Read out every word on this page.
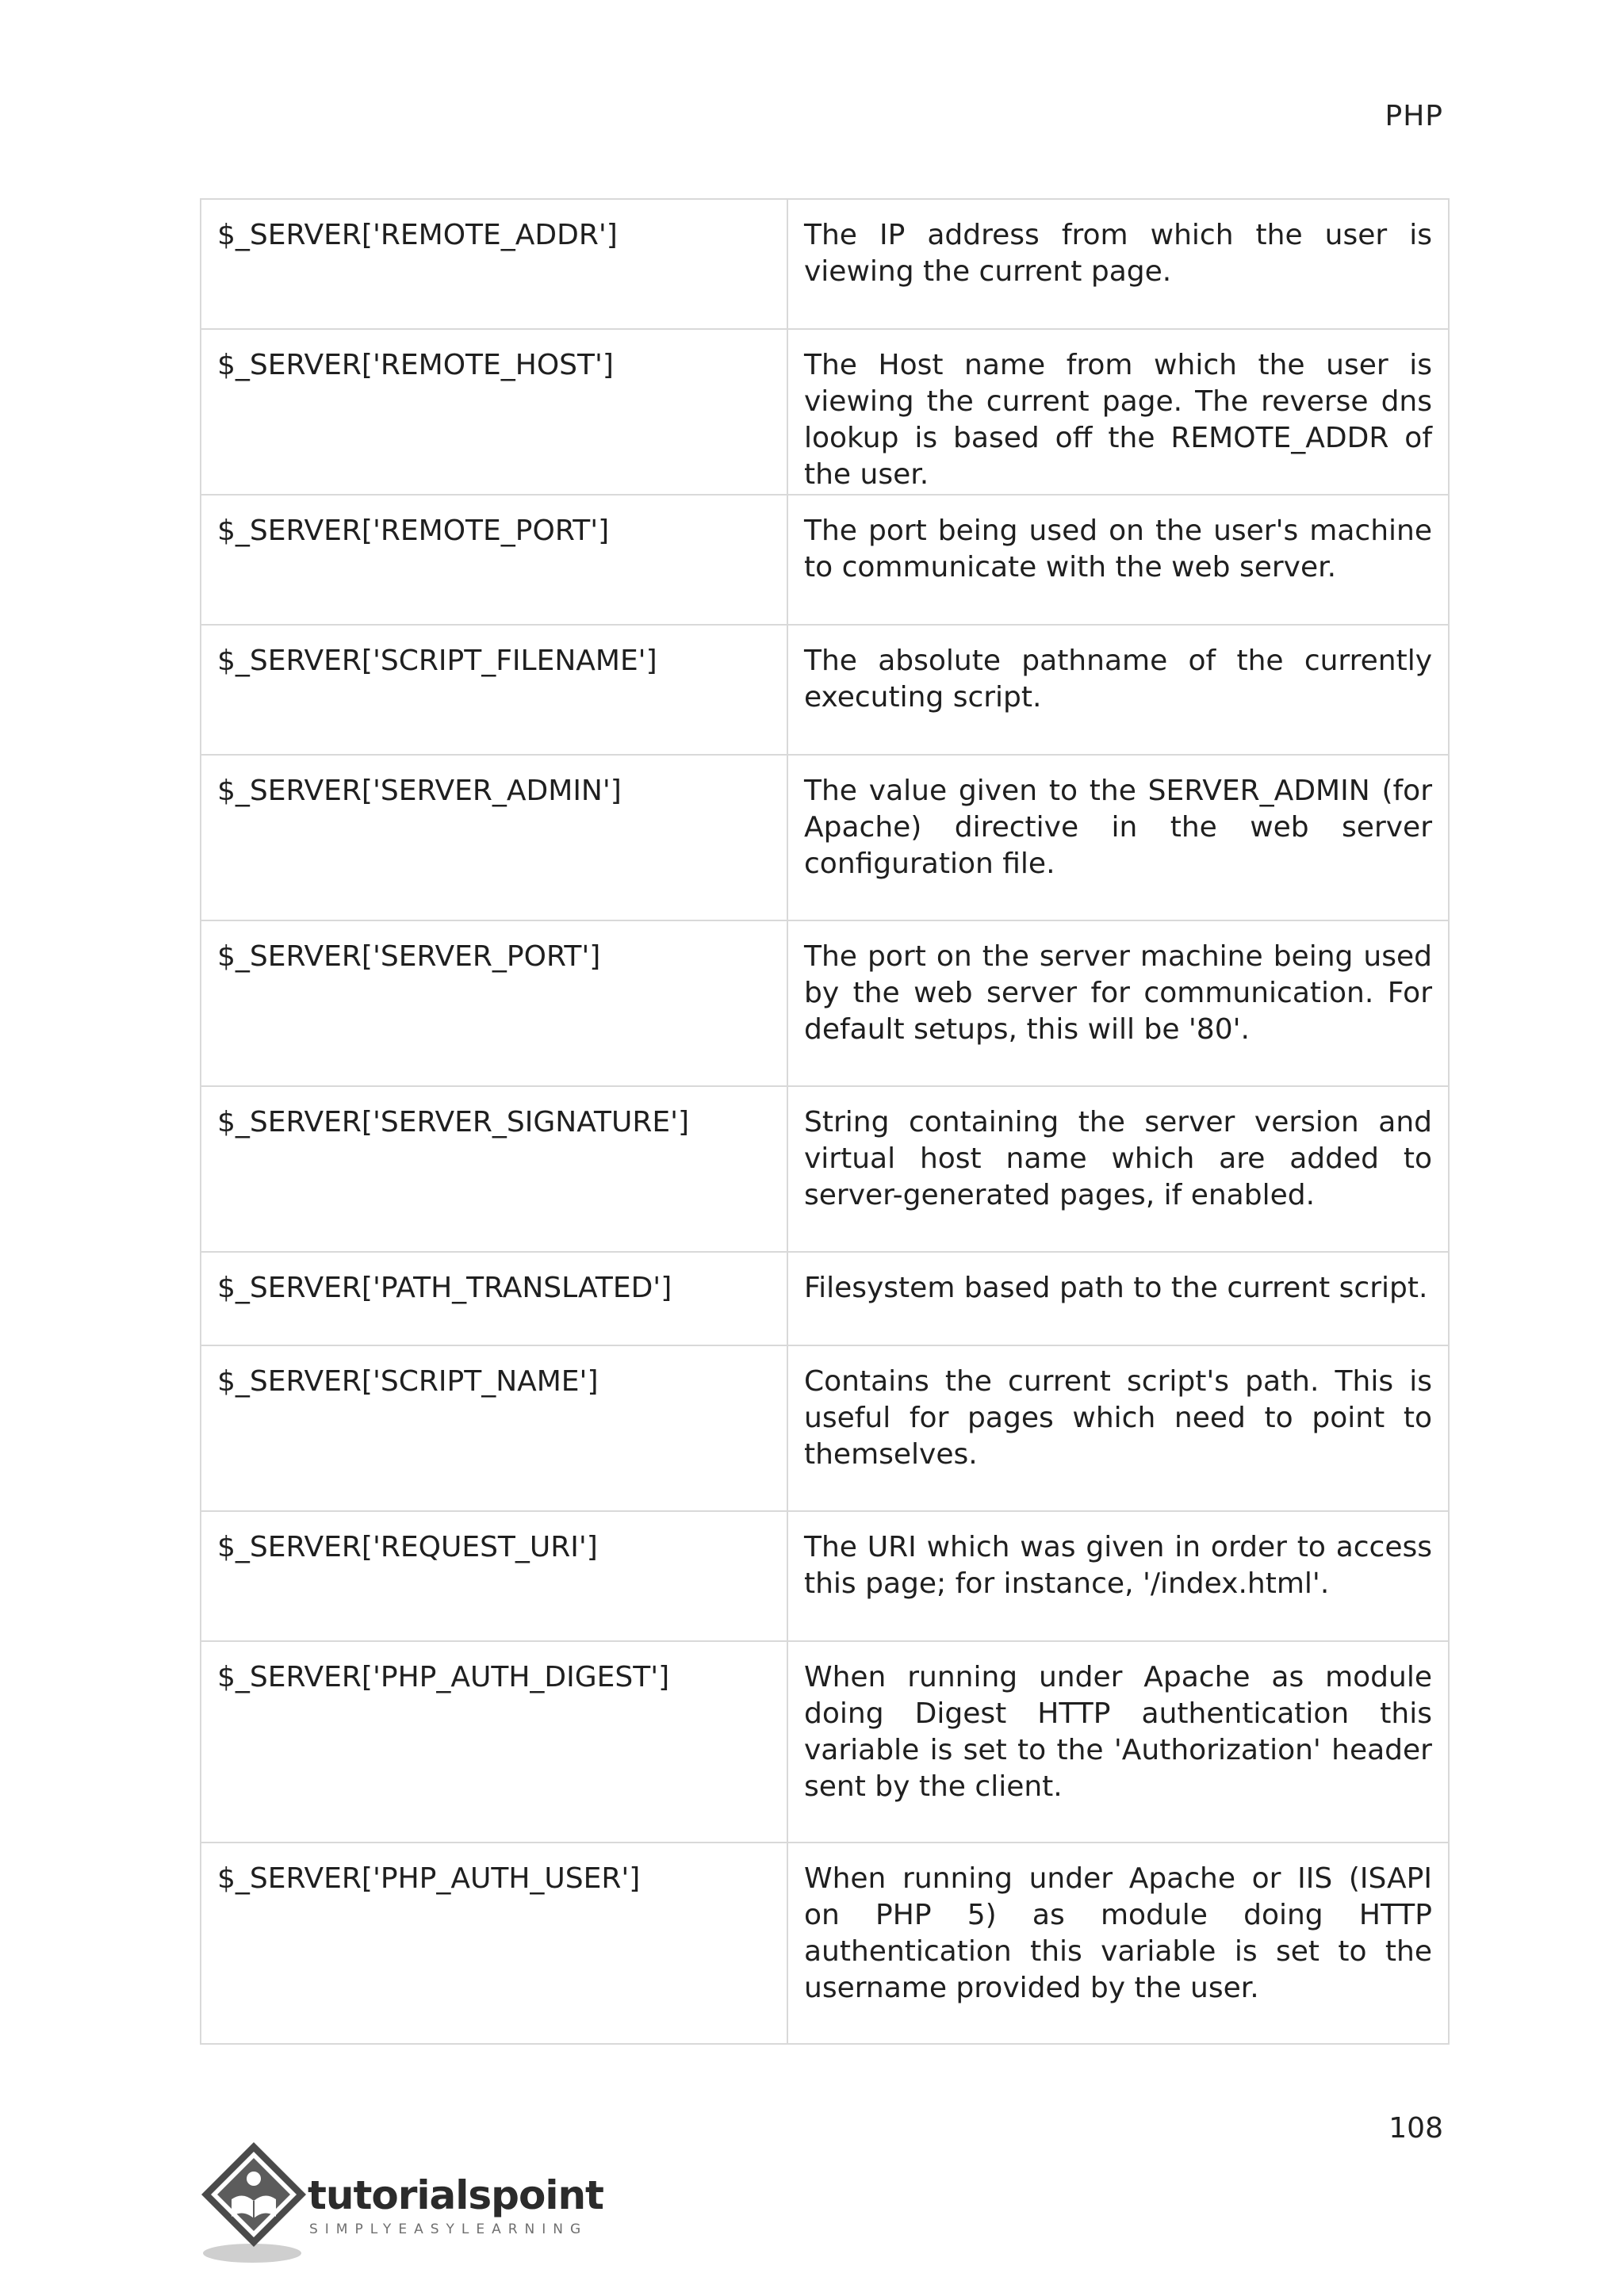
PHP
$_SERVER['REMOTE_ADDR']	The IP address from which the user is viewing the current page.
$_SERVER['REMOTE_HOST']	The Host name from which the user is viewing the current page. The reverse dns lookup is based off the REMOTE_ADDR of the user.
$_SERVER['REMOTE_PORT']	The port being used on the user's machine to communicate with the web server.
$_SERVER['SCRIPT_FILENAME']	The absolute pathname of the currently executing script.
$_SERVER['SERVER_ADMIN']	The value given to the SERVER_ADMIN (for Apache) directive in the web server configuration file.
$_SERVER['SERVER_PORT']	The port on the server machine being used by the web server for communication. For default setups, this will be '80'.
$_SERVER['SERVER_SIGNATURE']	String containing the server version and virtual host name which are added to server-generated pages, if enabled.
$_SERVER['PATH_TRANSLATED']	Filesystem based path to the current script.
$_SERVER['SCRIPT_NAME']	Contains the current script's path. This is useful for pages which need to point to themselves.
$_SERVER['REQUEST_URI']	The URI which was given in order to access this page; for instance, '/index.html'.
$_SERVER['PHP_AUTH_DIGEST']	When running under Apache as module doing Digest HTTP authentication this variable is set to the 'Authorization' header sent by the client.
$_SERVER['PHP_AUTH_USER']	When running under Apache or IIS (ISAPI on PHP 5) as module doing HTTP authentication this variable is set to the username provided by the user.
108
tutorialspoint
SIMPLYEASYLEARNING
